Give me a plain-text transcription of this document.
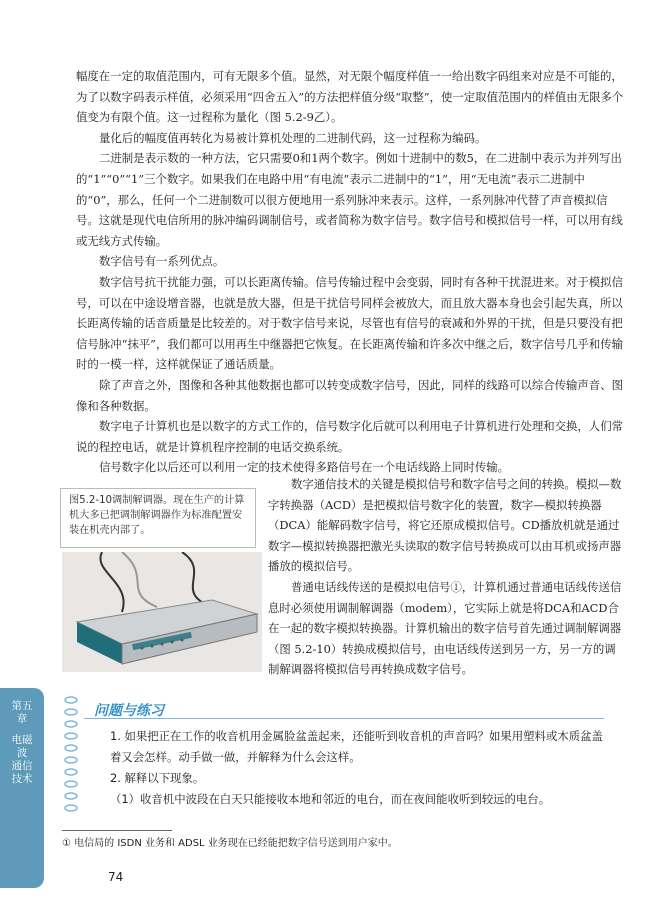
幅度在一定的取值范围内，可有无限多个值。显然，对无限个幅度样值一一给出数字码组来对应是不可能的，为了以数字码表示样值，必须采用“四舍五入”的方法把样值分级“取整”，使一定取值范围内的样值由无限多个值变为有限个值。这一过程称为量化（图 5.2-9乙）。

量化后的幅度值再转化为易被计算机处理的二进制代码，这一过程称为编码。

二进制是表示数的一种方法，它只需要0和1两个数字。例如十进制中的数5，在二进制中表示为并列写出的“1”“0”“1”三个数字。如果我们在电路中用“有电流”表示二进制中的“1”，用“无电流”表示二进制中的“0”，那么，任何一个二进制数可以很方便地用一系列脉冲来表示。这样，一系列脉冲代替了声音模拟信号。这就是现代电信所用的脉冲编码调制信号，或者简称为数字信号。数字信号和模拟信号一样，可以用有线或无线方式传输。

数字信号有一系列优点。

数字信号抗干扰能力强，可以长距离传输。信号传输过程中会变弱，同时有各种干扰混进来。对于模拟信号，可以在中途设增音器，也就是放大器，但是干扰信号同样会被放大，而且放大器本身也会引起失真，所以长距离传输的话音质量是比较差的。对于数字信号来说，尽管也有信号的衰减和外界的干扰，但是只要没有把信号脉冲“抹平”，我们都可以用再生中继器把它恢复。在长距离传输和许多次中继之后，数字信号几乎和传输时的一模一样，这样就保证了通话质量。

除了声音之外，图像和各种其他数据也都可以转变成数字信号，因此，同样的线路可以综合传输声音、图像和各种数据。

数字电子计算机也是以数字的方式工作的，信号数字化后就可以利用电子计算机进行处理和交换，人们常说的程控电话，就是计算机程序控制的电话交换系统。

信号数字化以后还可以利用一定的技术使得多路信号在一个电话线路上同时传输。

图5.2-10调制解调器。现在生产的计算机大多已把调制解调器作为标准配置安装在机壳内部了。

数字通信技术的关键是模拟信号和数字信号之间的转换。模拟—数字转换器（ACD）是把模拟信号数字化的装置，数字—模拟转换器（DCA）能解码数字信号，将它还原成模拟信号。CD播放机就是通过数字—模拟转换器把激光头读取的数字信号转换成可以由耳机或扬声器播放的模拟信号。

普通电话线传送的是模拟电信号①，计算机通过普通电话线传送信息时必须使用调制解调器（modem），它实际上就是将DCA和ACD合在一起的数字模拟转换器。计算机输出的数字信号首先通过调制解调器（图 5.2-10）转换成模拟信号，由电话线传送到另一方，另一方的调制解调器将模拟信号再转换成数字信号。

第五章
电磁波 通信技术
问题与练习

1. 如果把正在工作的收音机用金属脸盆盖起来，还能听到收音机的声音吗？如果用塑料或木质盆盖着又会怎样。动手做一做，并解释为什么会这样。

2. 解释以下现象。

（1）收音机中波段在白天只能接收本地和邻近的电台，而在夜间能收听到较远的电台。

① 电信局的 ISDN 业务和 ADSL 业务现在已经能把数字信号送到用户家中。
74
